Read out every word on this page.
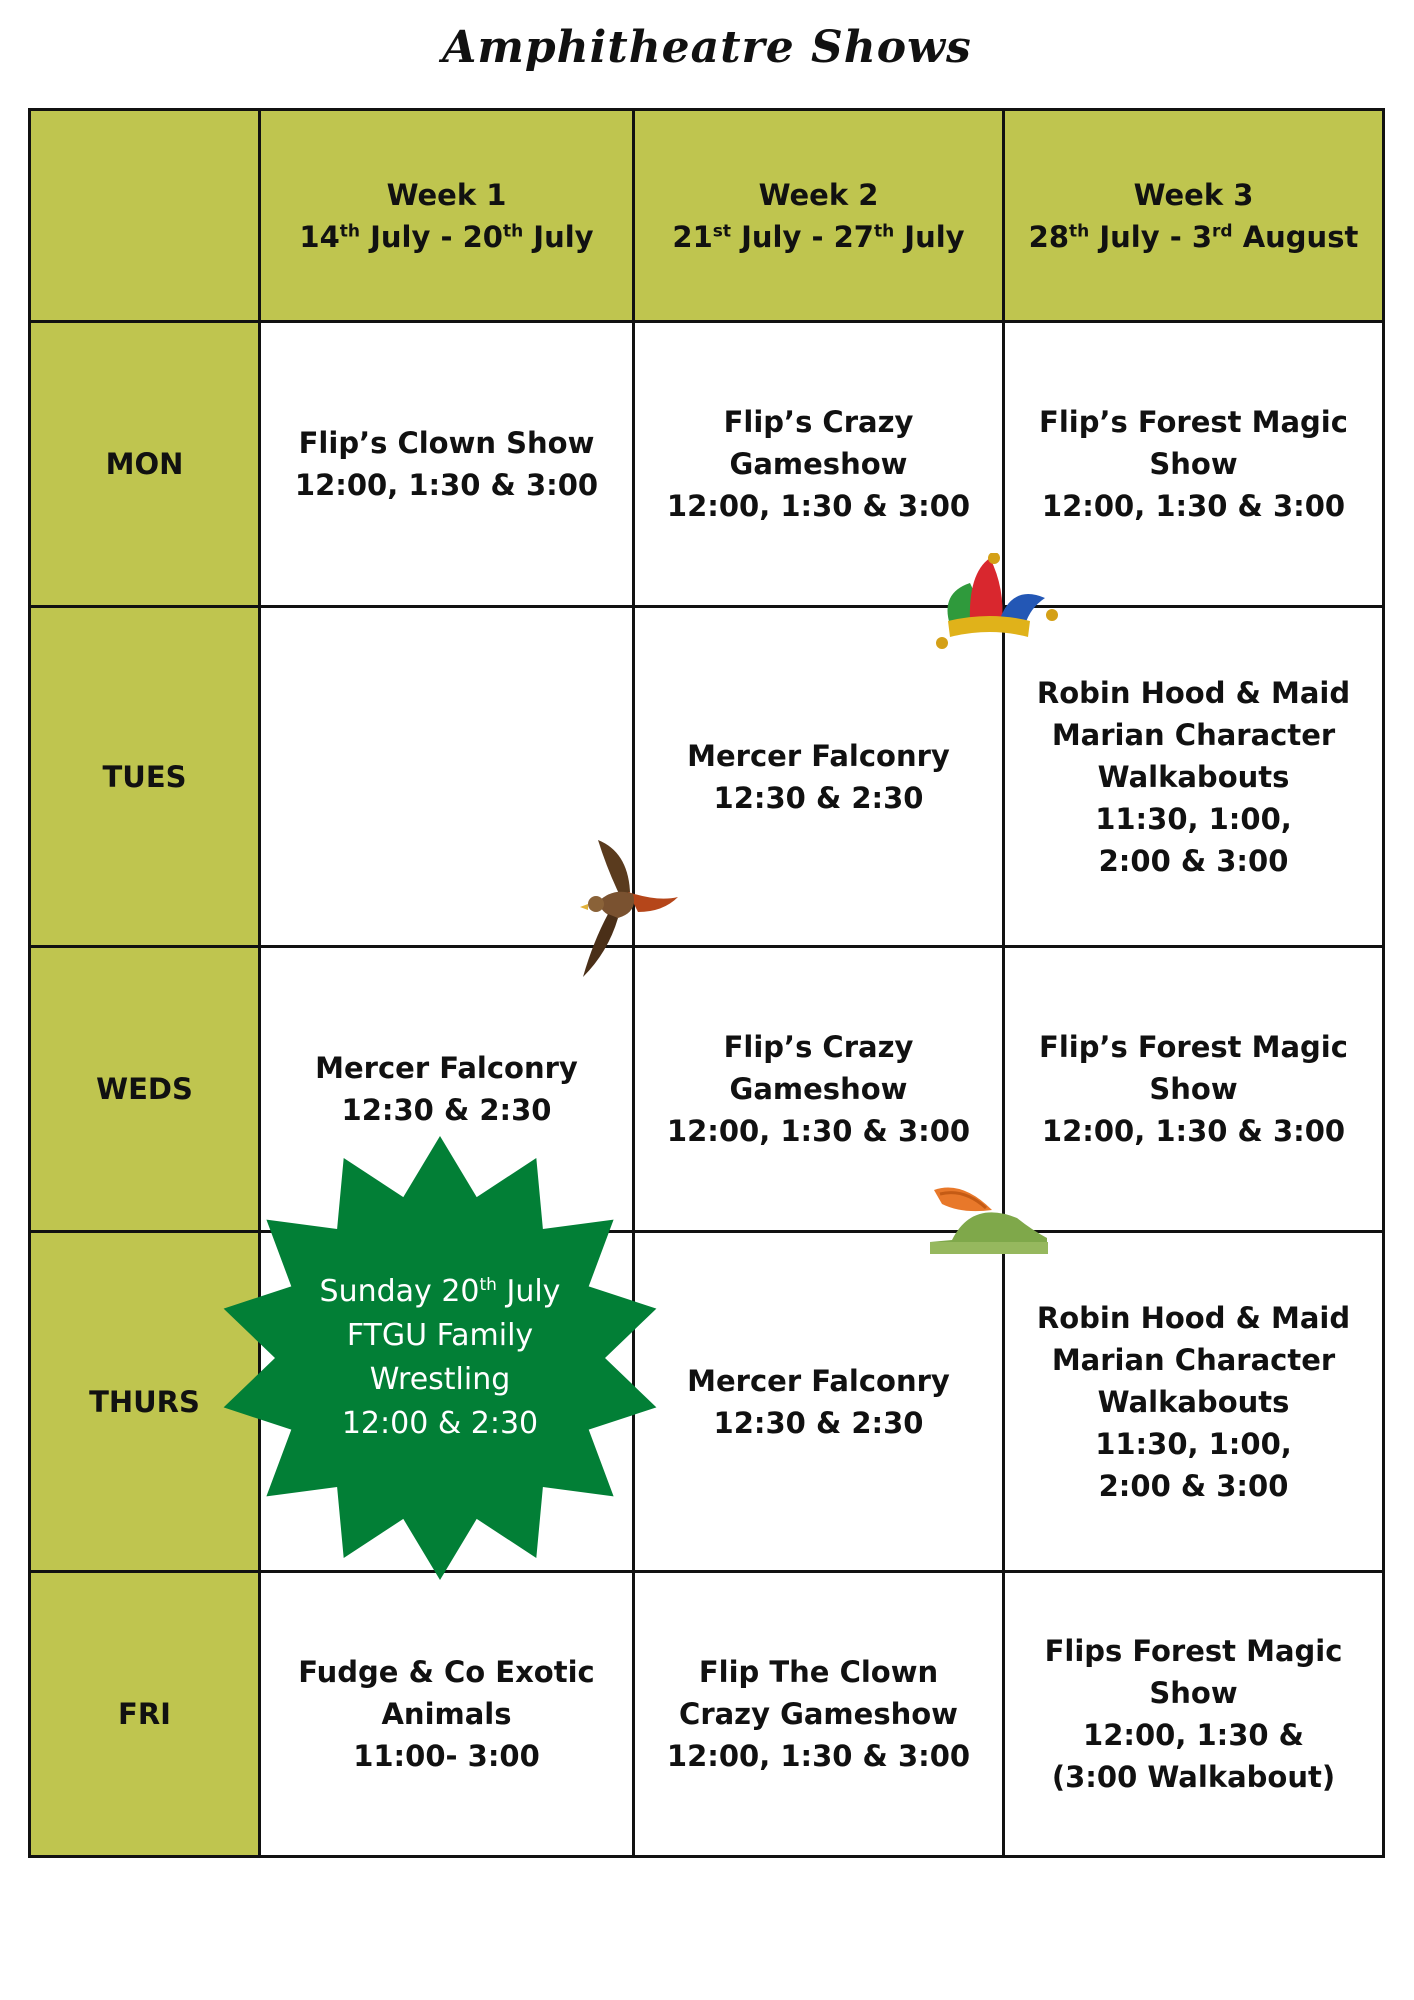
Amphitheatre Shows

	Week 1
14th July - 20th July	Week 2
21st July - 27th July	Week 3
28th July - 3rd August

MON	Flip’s Clown Show
12:00, 1:30 & 3:00	Flip’s Crazy
Gameshow
12:00, 1:30 & 3:00	Flip’s Forest Magic
Show
12:00, 1:30 & 3:00

TUES		Mercer Falconry
12:30 & 2:30	Robin Hood & Maid
Marian Character
Walkabouts
11:30, 1:00,
2:00 & 3:00

WEDS	Mercer Falconry
12:30 & 2:30	Flip’s Crazy
Gameshow
12:00, 1:30 & 3:00	Flip’s Forest Magic
Show
12:00, 1:30 & 3:00

THURS		Mercer Falconry
12:30 & 2:30	Robin Hood & Maid
Marian Character
Walkabouts
11:30, 1:00,
2:00 & 3:00

FRI	Fudge & Co Exotic
Animals
11:00- 3:00	Flip The Clown
Crazy Gameshow
12:00, 1:30 & 3:00	Flips Forest Magic
Show
12:00, 1:30 &
(3:00 Walkabout)
Sunday 20th July
FTGU Family
Wrestling
12:00 & 2:30
